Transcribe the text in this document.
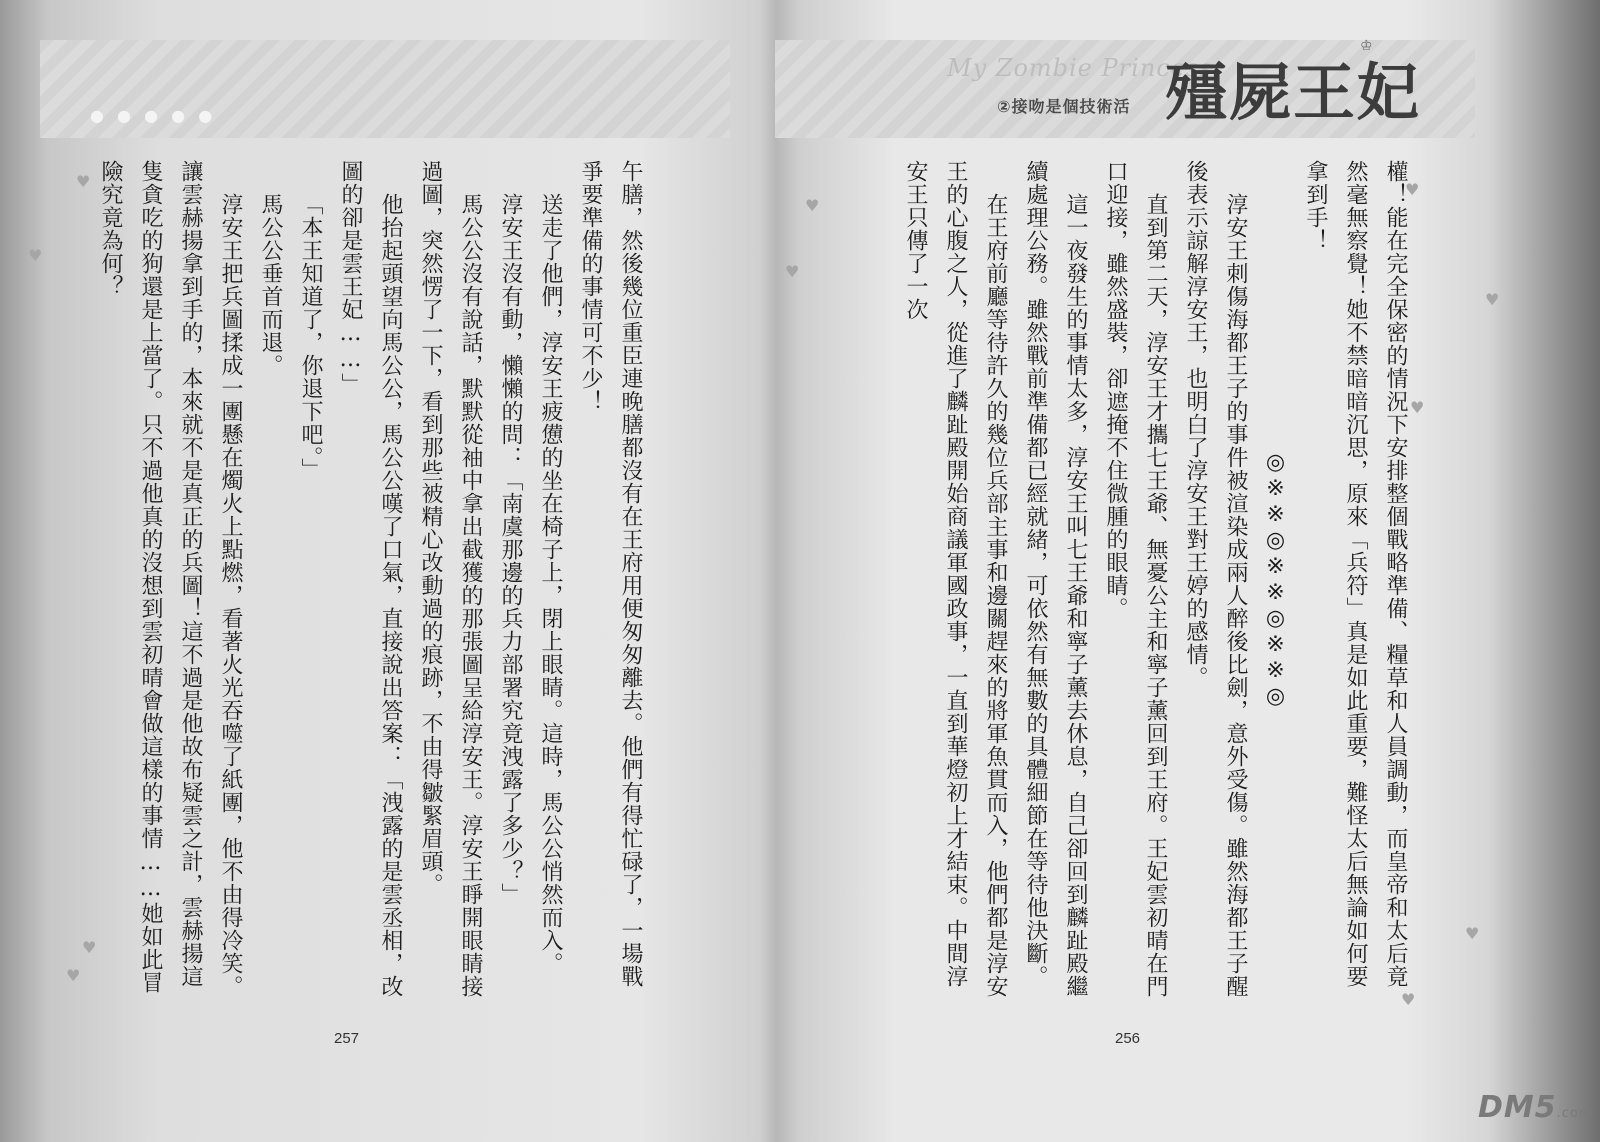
● ● ● ● ●
♥
♥
♥
♥	午膳，然後幾位重臣連晚膳都沒有在王府用便匆匆離去。他們有得忙碌了，一場戰爭要準備的事情可不少！

送走了他們，淳安王疲憊的坐在椅子上，閉上眼睛。這時，馬公公悄然而入。

淳安王沒有動，懶懶的問：「南虞那邊的兵力部署究竟洩露了多少？」

馬公公沒有說話，默默從袖中拿出截獲的那張圖呈給淳安王。淳安王睜開眼睛接過圖，突然愣了一下，看到那些被精心改動過的痕跡，不由得皺緊眉頭。

他抬起頭望向馬公公，馬公公嘆了口氣，直接說出答案：「洩露的是雲丞相，改圖的卻是雲王妃……」

「本王知道了，你退下吧。」

馬公公垂首而退。

淳安王把兵圖揉成一團懸在燭火上點燃，看著火光吞噬了紙團，他不由得冷笑。讓雲赫揚拿到手的，本來就不是真正的兵圖！這不過是他故布疑雲之計，雲赫揚這隻貪吃的狗還是上當了。只不過他真的沒想到雲初晴會做這樣的事情……她如此冒險究竟為何？

257
My Zombie Princess
②接吻是個技術活
♔
殭屍王妃
♥
♥
♥
♥
♥
♥
♥

權！能在完全保密的情況下安排整個戰略準備、糧草和人員調動，而皇帝和太后竟然毫無察覺！她不禁暗暗沉思，原來「兵符」真是如此重要，難怪太后無論如何要拿到手！

◎※※◎※※◎※※◎

淳安王刺傷海都王子的事件被渲染成兩人醉後比劍，意外受傷。雖然海都王子醒後表示諒解淳安王，也明白了淳安王對王婷的感情。

直到第二天，淳安王才攜七王爺、無憂公主和寧子薰回到王府。王妃雲初晴在門口迎接，雖然盛裝，卻遮掩不住微腫的眼睛。

這一夜發生的事情太多，淳安王叫七王爺和寧子薰去休息，自己卻回到麟趾殿繼續處理公務。雖然戰前準備都已經就緒，可依然有無數的具體細節在等待他決斷。

在王府前廳等待許久的幾位兵部主事和邊關趕來的將軍魚貫而入，他們都是淳安王的心腹之人，從進了麟趾殿開始商議軍國政事，一直到華燈初上才結束。中間淳安王只傳了一次

256
DM5.com
